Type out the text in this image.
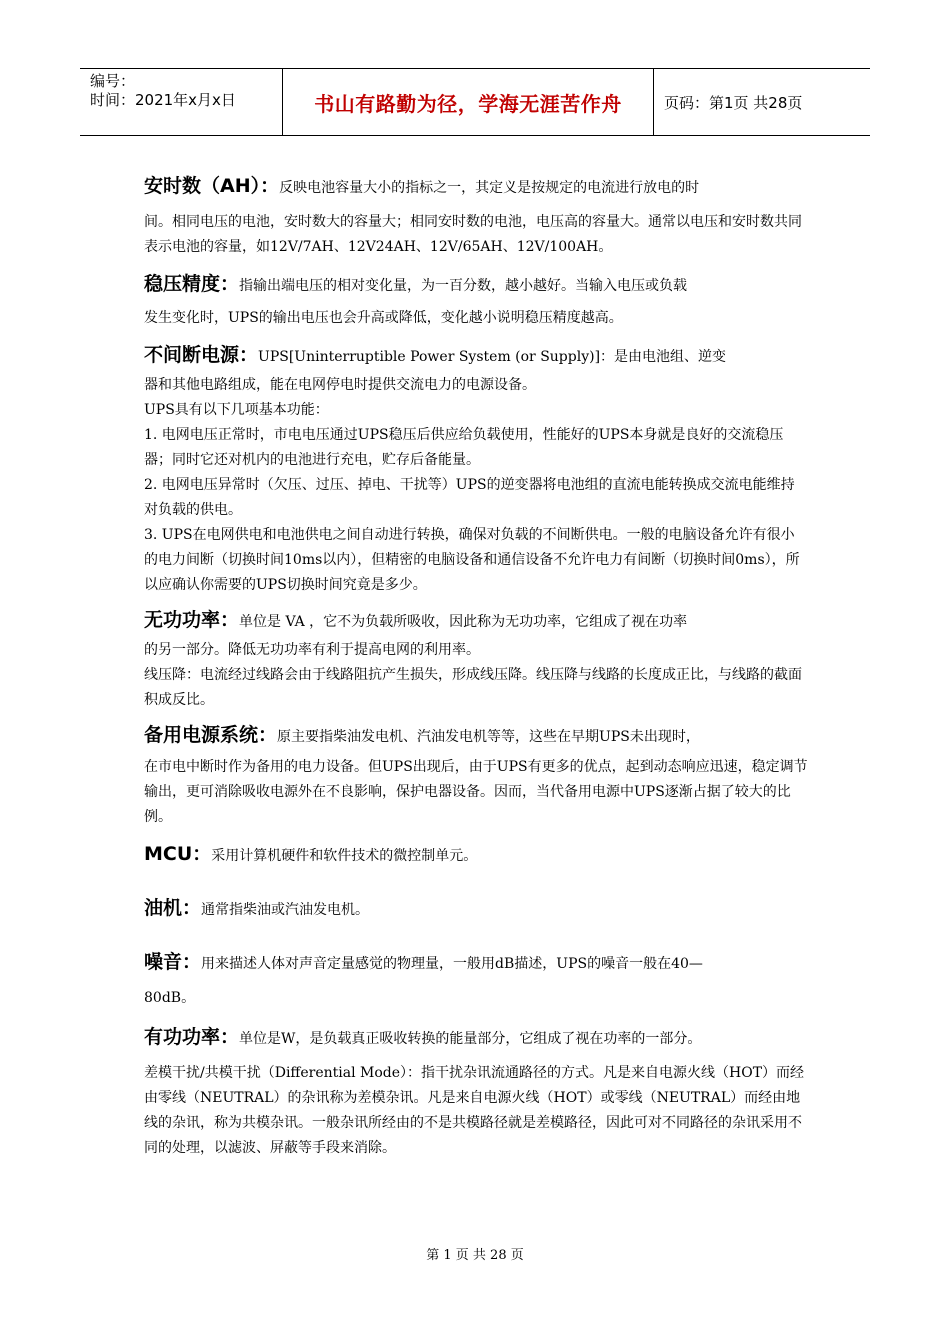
编号：
时间：2021年x月x日	书山有路勤为径，学海无涯苦作舟	页码：第1页 共28页

安时数（AH）：反映电池容量大小的指标之一，其定义是按规定的电流进行放电的时

间。相同电压的电池，安时数大的容量大；相同安时数的电池，电压高的容量大。通常以电压和安时数共同表示电池的容量，如12V/7AH、12V24AH、12V/65AH、12V/100AH。

稳压精度：指输出端电压的相对变化量，为一百分数，越小越好。当输入电压或负载

发生变化时，UPS的输出电压也会升高或降低，变化越小说明稳压精度越高。

不间断电源：UPS[Uninterruptible Power System (or Supply)]：是由电池组、逆变

器和其他电路组成，能在电网停电时提供交流电力的电源设备。

UPS具有以下几项基本功能：

1. 电网电压正常时，市电电压通过UPS稳压后供应给负载使用，性能好的UPS本身就是良好的交流稳压器；同时它还对机内的电池进行充电，贮存后备能量。

2. 电网电压异常时（欠压、过压、掉电、干扰等）UPS的逆变器将电池组的直流电能转换成交流电能维持对负载的供电。

3. UPS在电网供电和电池供电之间自动进行转换，确保对负载的不间断供电。一般的电脑设备允许有很小的电力间断（切换时间10ms以内），但精密的电脑设备和通信设备不允许电力有间断（切换时间0ms），所以应确认你需要的UPS切换时间究竟是多少。

无功功率：单位是 VA ，它不为负载所吸收，因此称为无功功率，它组成了视在功率

的另一部分。降低无功功率有利于提高电网的利用率。

线压降：电流经过线路会由于线路阻抗产生损失，形成线压降。线压降与线路的长度成正比，与线路的截面积成反比。

备用电源系统：原主要指柴油发电机、汽油发电机等等，这些在早期UPS未出现时，

在市电中断时作为备用的电力设备。但UPS出现后，由于UPS有更多的优点，起到动态响应迅速，稳定调节输出，更可消除吸收电源外在不良影响，保护电器设备。因而，当代备用电源中UPS逐渐占据了较大的比例。

MCU：采用计算机硬件和软件技术的微控制单元。

油机：通常指柴油或汽油发电机。

噪音：用来描述人体对声音定量感觉的物理量，一般用dB描述，UPS的噪音一般在40—

80dB。

有功功率：单位是W，是负载真正吸收转换的能量部分，它组成了视在功率的一部分。

差模干扰/共模干扰（Differential Mode）：指干扰杂讯流通路径的方式。凡是来自电源火线（HOT）而经由零线（NEUTRAL）的杂讯称为差模杂讯。凡是来自电源火线（HOT）或零线（NEUTRAL）而经由地线的杂讯，称为共模杂讯。一般杂讯所经由的不是共模路径就是差模路径，因此可对不同路径的杂讯采用不同的处理，以滤波、屏蔽等手段来消除。

第 1 页 共 28 页
